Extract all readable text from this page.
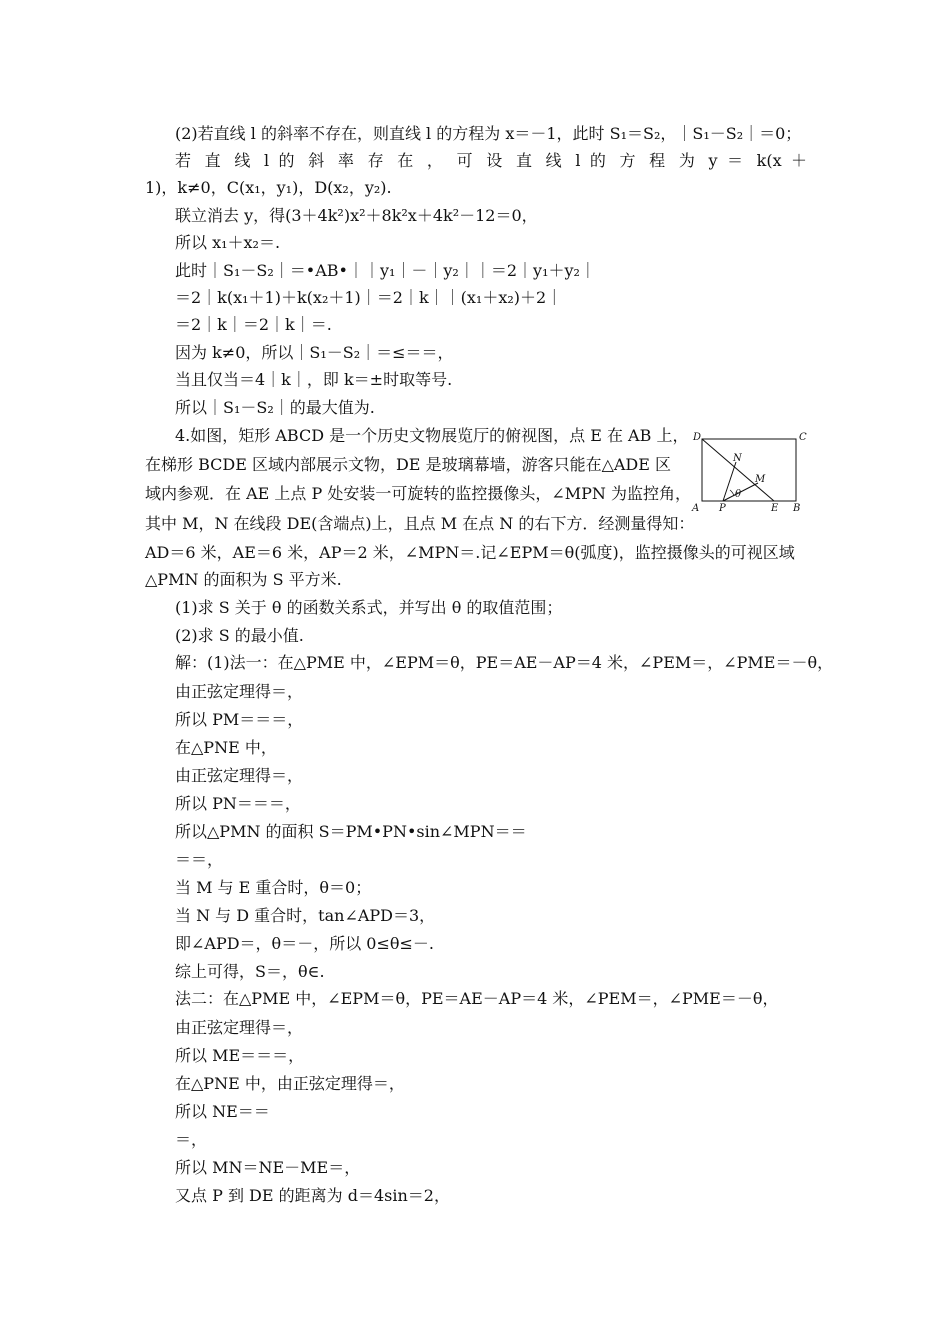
(2)若直线 l 的斜率不存在，则直线 l 的方程为 x＝－1，此时 S₁＝S₂，｜S₁－S₂｜＝0；
若 直 线 l 的 斜 率 存 在 ， 可 设 直 线 l 的 方 程 为 y ＝ k(x ＋
1)，k≠0，C(x₁，y₁)，D(x₂，y₂).
联立消去 y，得(3＋4k²)x²＋8k²x＋4k²－12＝0，
所以 x₁＋x₂＝.
此时｜S₁－S₂｜＝•AB•｜｜y₁｜－｜y₂｜｜＝2｜y₁＋y₂｜
＝2｜k(x₁＋1)＋k(x₂＋1)｜＝2｜k｜｜(x₁＋x₂)＋2｜
＝2｜k｜＝2｜k｜＝.
因为 k≠0，所以｜S₁－S₂｜＝≤＝＝，
当且仅当＝4｜k｜，即 k＝±时取等号.
所以｜S₁－S₂｜的最大值为.
4.如图，矩形 ABCD 是一个历史文物展览厅的俯视图，点 E 在 AB 上，
在梯形 BCDE 区域内部展示文物，DE 是玻璃幕墙，游客只能在△ADE 区
域内参观．在 AE 上点 P 处安装一可旋转的监控摄像头，∠MPN 为监控角，
其中 M，N 在线段 DE(含端点)上，且点 M 在点 N 的右下方．经测量得知：
AD＝6 米，AE＝6 米，AP＝2 米，∠MPN＝.记∠EPM＝θ(弧度)，监控摄像头的可视区域
△PMN 的面积为 S 平方米.
(1)求 S 关于 θ 的函数关系式，并写出 θ 的取值范围；
(2)求 S 的最小值.
解：(1)法一：在△PME 中，∠EPM＝θ，PE＝AE－AP＝4 米，∠PEM＝，∠PME＝－θ，
由正弦定理得＝，
所以 PM＝＝＝，
在△PNE 中，
由正弦定理得＝，
所以 PN＝＝＝，
所以△PMN 的面积 S＝PM•PN•sin∠MPN＝＝
＝＝，
当 M 与 E 重合时，θ＝0；
当 N 与 D 重合时，tan∠APD＝3，
即∠APD＝，θ＝－，所以 0≤θ≤－.
综上可得，S＝，θ∈.
法二：在△PME 中，∠EPM＝θ，PE＝AE－AP＝4 米，∠PEM＝，∠PME＝－θ，
由正弦定理得＝，
所以 ME＝＝＝，
在△PNE 中，由正弦定理得＝，
所以 NE＝＝
＝，
所以 MN＝NE－ME＝，
又点 P 到 DE 的距离为 d＝4sin＝2，
D	C
A P	E B
N
M
θ
